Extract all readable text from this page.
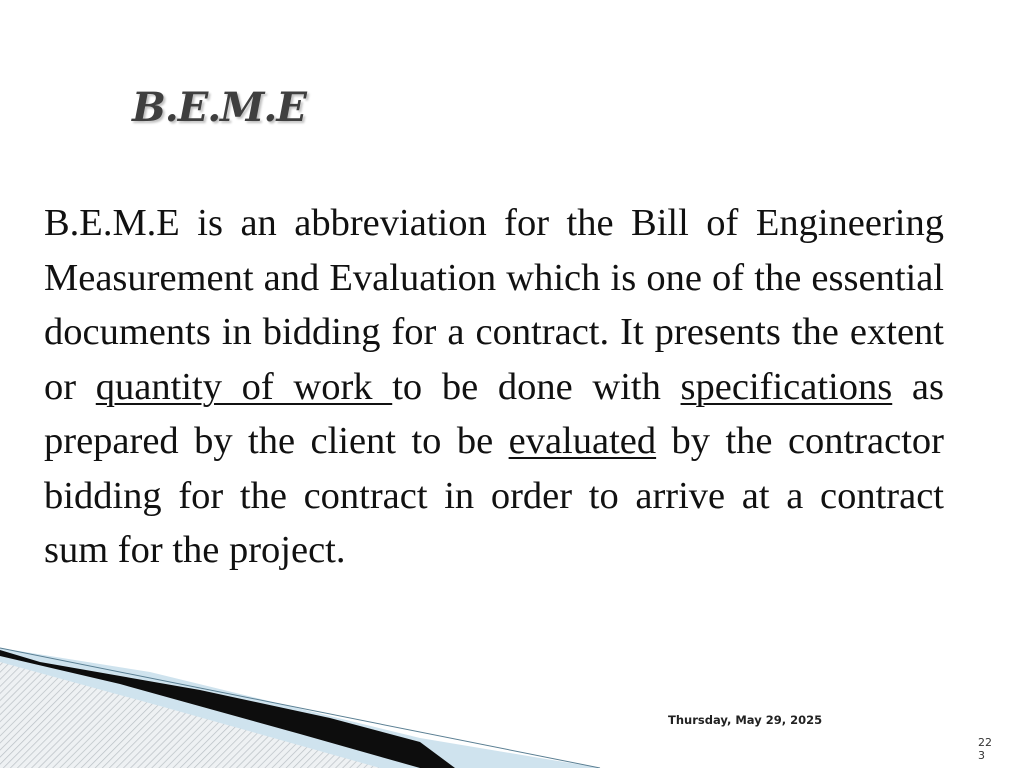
B.E.M.E

B.E.M.E is an abbreviation for the Bill of Engineering Measurement and Evaluation which is one of the essential documents in bidding for a contract. It presents the extent or quantity of work to be done with specifications as prepared by the client to be evaluated by the contractor bidding for the contract in order to arrive at a contract sum for the project.

Thursday, May 29, 2025
223
